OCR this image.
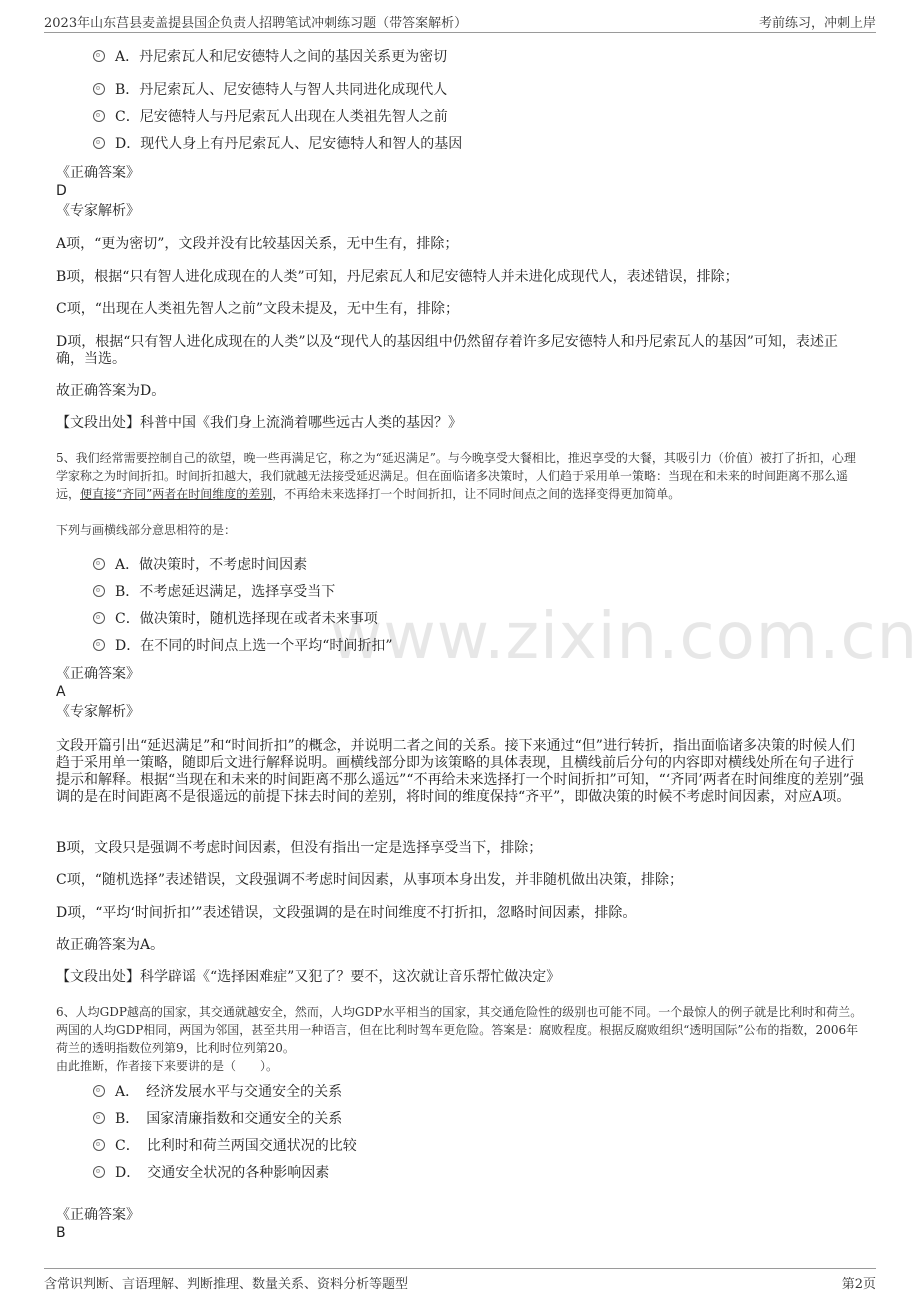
2023年山东莒县麦盖提县国企负责人招聘笔试冲刺练习题（带答案解析）	考前练习，冲刺上岸
www.zixin.com.cn
A．丹尼索瓦人和尼安德特人之间的基因关系更为密切
B．丹尼索瓦人、尼安德特人与智人共同进化成现代人
C．尼安德特人与丹尼索瓦人出现在人类祖先智人之前
D．现代人身上有丹尼索瓦人、尼安德特人和智人的基因
《正确答案》
D
《专家解析》
A项，“更为密切”，文段并没有比较基因关系，无中生有，排除；
B项，根据“只有智人进化成现在的人类”可知，丹尼索瓦人和尼安德特人并未进化成现代人，表述错误，排除；
C项，“出现在人类祖先智人之前”文段未提及，无中生有，排除；
D项，根据“只有智人进化成现在的人类”以及“现代人的基因组中仍然留存着许多尼安德特人和丹尼索瓦人的基因”可知，表述正确，当选。
故正确答案为D。
【文段出处】科普中国《我们身上流淌着哪些远古人类的基因？》
5、我们经常需要控制自己的欲望，晚一些再满足它，称之为“延迟满足”。与今晚享受大餐相比，推迟享受的大餐，其吸引力（价值）被打了折扣，心理学家称之为时间折扣。时间折扣越大，我们就越无法接受延迟满足。但在面临诸多决策时，人们趋于采用单一策略：当现在和未来的时间距离不那么遥远，便直接“齐同”两者在时间维度的差别，不再给未来选择打一个时间折扣，让不同时间点之间的选择变得更加简单。
下列与画横线部分意思相符的是：
A．做决策时，不考虑时间因素
B．不考虑延迟满足，选择享受当下
C．做决策时，随机选择现在或者未来事项
D．在不同的时间点上选一个平均“时间折扣”
《正确答案》
A
《专家解析》
文段开篇引出“延迟满足”和“时间折扣”的概念，并说明二者之间的关系。接下来通过“但”进行转折，指出面临诸多决策的时候人们趋于采用单一策略，随即后文进行解释说明。画横线部分即为该策略的具体表现，且横线前后分句的内容即对横线处所在句子进行提示和解释。根据“当现在和未来的时间距离不那么遥远”“不再给未来选择打一个时间折扣”可知，“‘齐同’两者在时间维度的差别”强调的是在时间距离不是很遥远的前提下抹去时间的差别，将时间的维度保持“齐平”，即做决策的时候不考虑时间因素，对应A项。
B项，文段只是强调不考虑时间因素，但没有指出一定是选择享受当下，排除；
C项，“随机选择”表述错误，文段强调不考虑时间因素，从事项本身出发，并非随机做出决策，排除；
D项，“平均‘时间折扣’”表述错误，文段强调的是在时间维度不打折扣，忽略时间因素，排除。
故正确答案为A。
【文段出处】科学辟谣《“选择困难症”又犯了？要不，这次就让音乐帮忙做决定》
6、人均GDP越高的国家，其交通就越安全，然而，人均GDP水平相当的国家，其交通危险性的级别也可能不同。一个最惊人的例子就是比利时和荷兰。两国的人均GDP相同，两国为邻国，甚至共用一种语言，但在比利时驾车更危险。答案是：腐败程度。根据反腐败组织“透明国际”公布的指数，2006年荷兰的透明指数位列第9，比利时位列第20。
由此推断，作者接下来要讲的是（　　）。
A．　经济发展水平与交通安全的关系
B．　国家清廉指数和交通安全的关系
C．　比利时和荷兰两国交通状况的比较
D．　交通安全状况的各种影响因素
《正确答案》
B
含常识判断、言语理解、判断推理、数量关系、资料分析等题型	第2页
